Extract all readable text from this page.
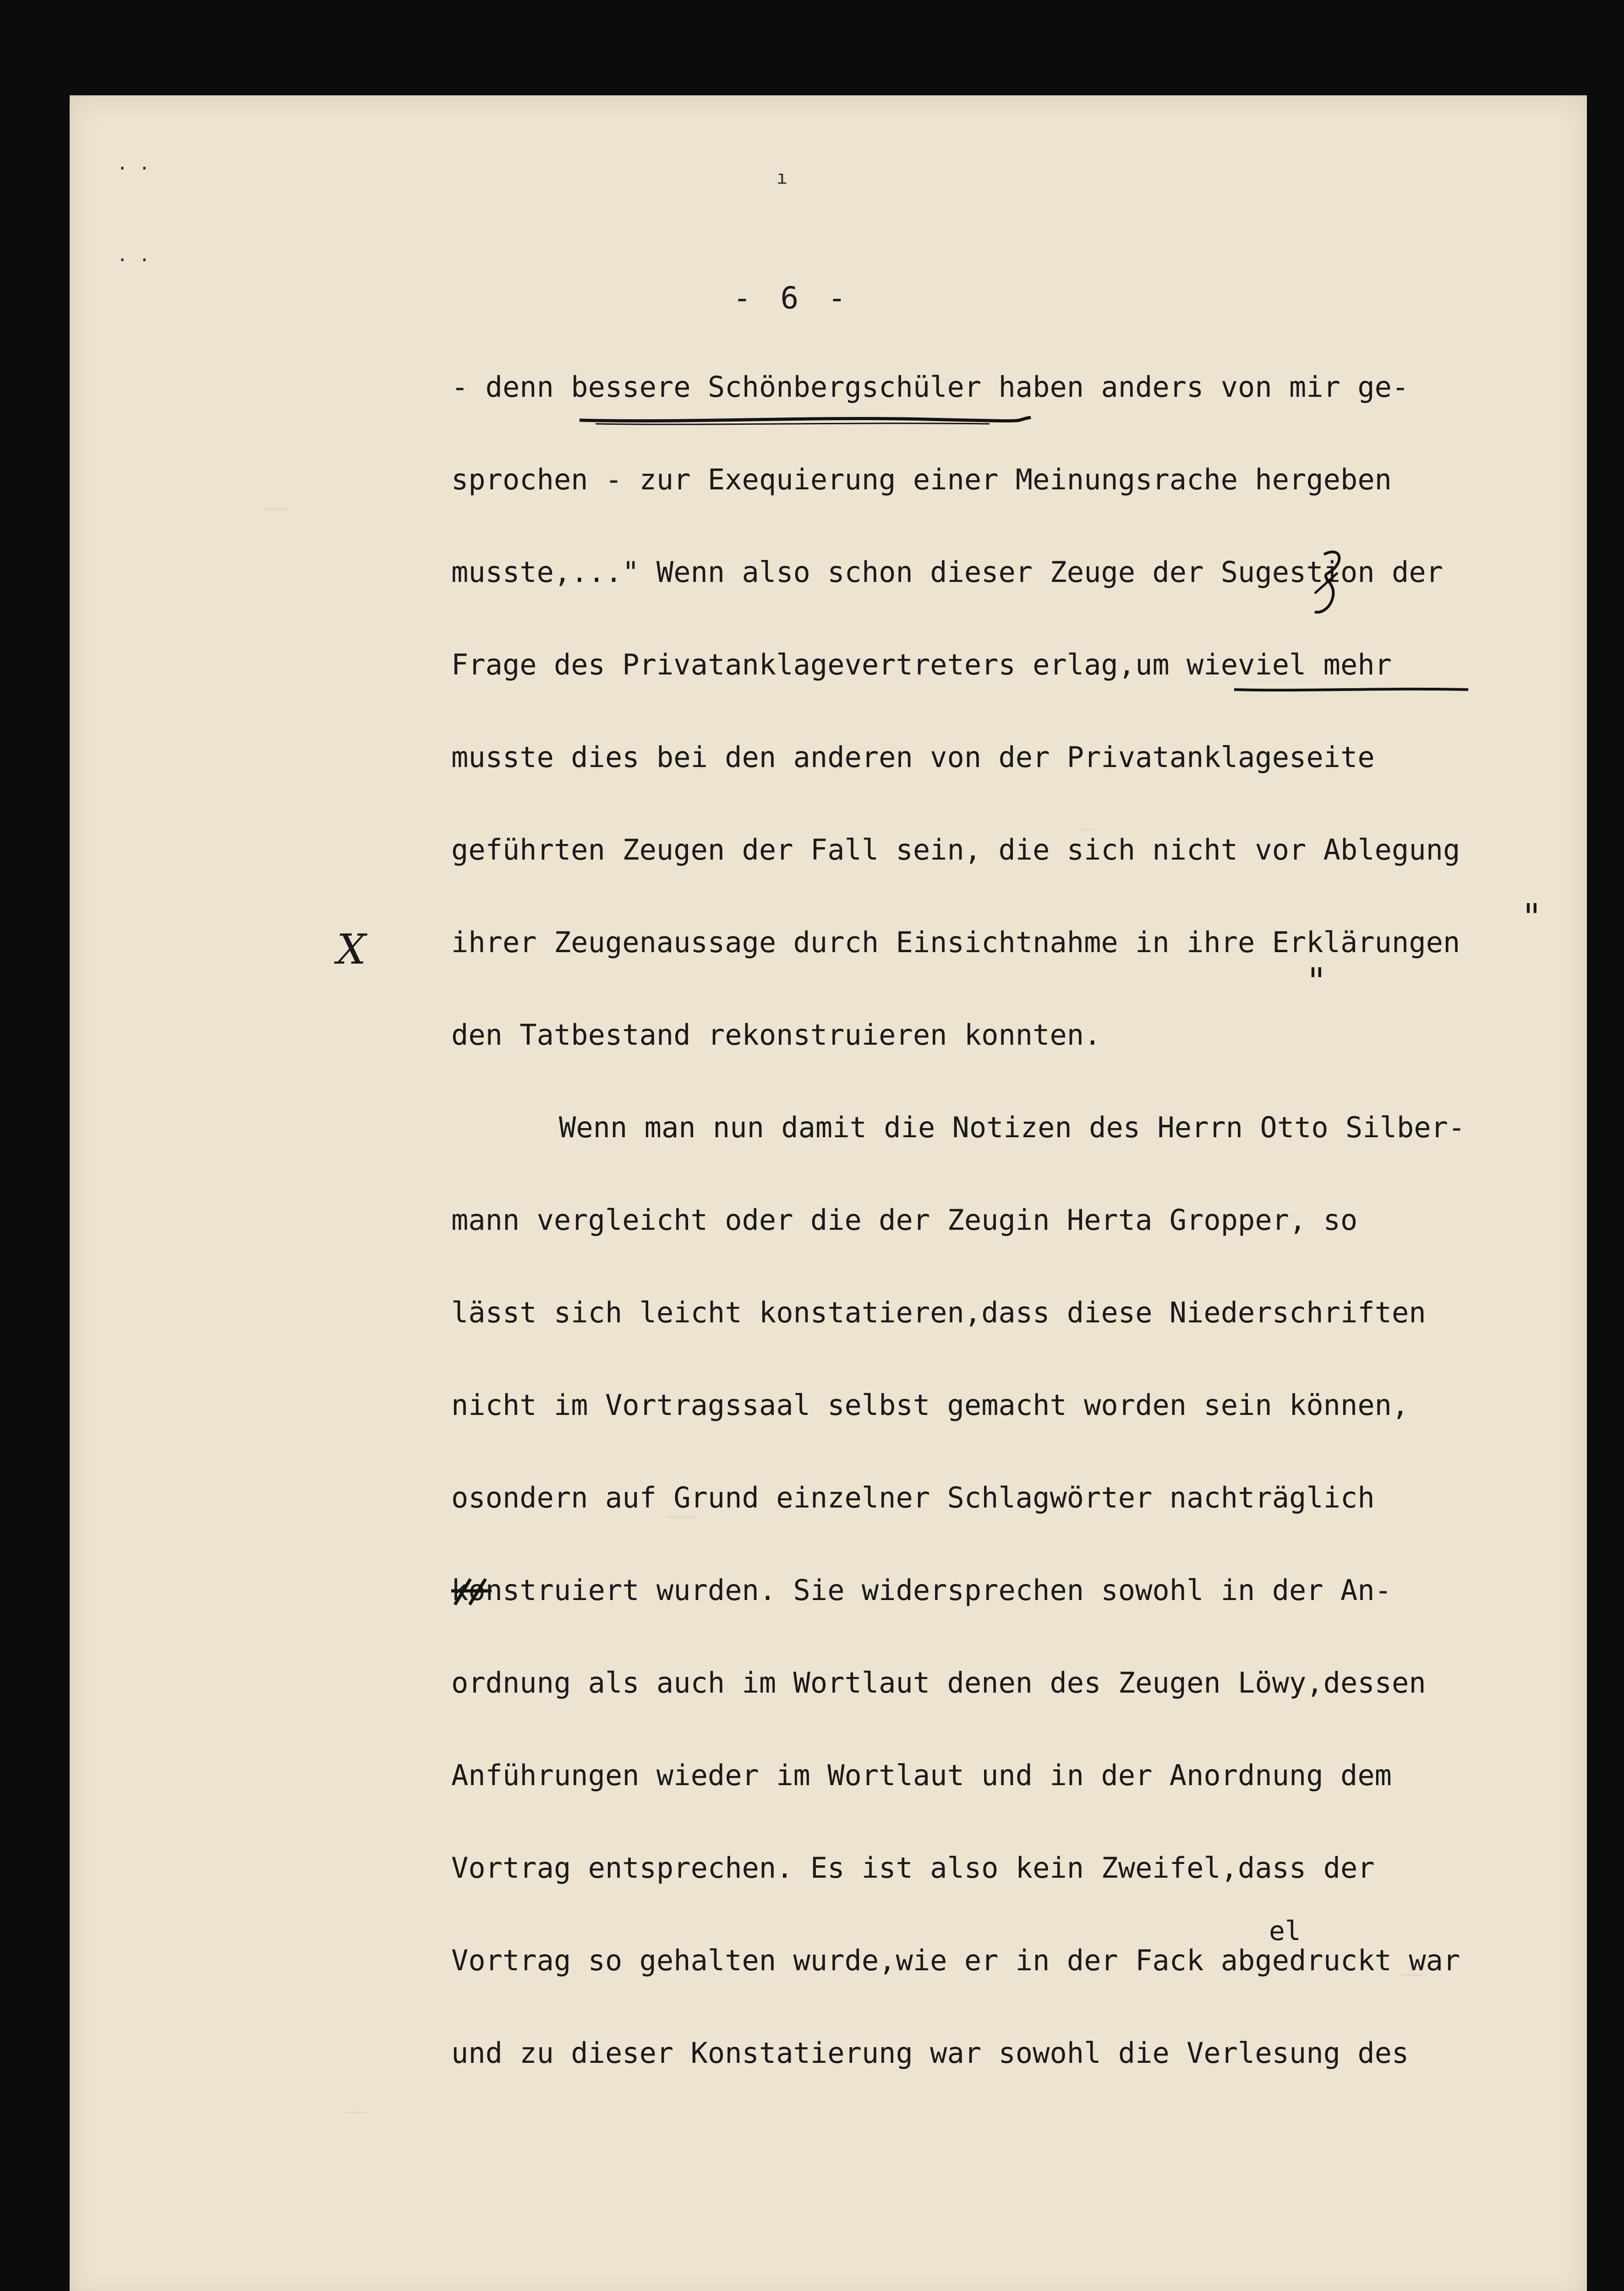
· ·
· ·
ı
- 6 -
- denn bessere Schönbergschüler haben anders von mir ge-
sprochen - zur Exequierung einer Meinungsrache hergeben
musste,..." Wenn also schon dieser Zeuge der Sugestion der
Frage des Privatanklagevertreters erlag,um wieviel mehr
musste dies bei den anderen von der Privatanklageseite
geführten Zeugen der Fall sein, die sich nicht vor Ablegung
ihrer Zeugenaussage durch Einsichtnahme in ihre Erklärungen
den Tatbestand rekonstruieren konnten.
Wenn man nun damit die Notizen des Herrn Otto Silber-
mann vergleicht oder die der Zeugin Herta Gropper, so
lässt sich leicht konstatieren,dass diese Niederschriften
nicht im Vortragssaal selbst gemacht worden sein können,
osondern auf Grund einzelner Schlagwörter nachträglich
konstruiert wurden. Sie widersprechen sowohl in der An-
ordnung als auch im Wortlaut denen des Zeugen Löwy,dessen
Anführungen wieder im Wortlaut und in der Anordnung dem
Vortrag entsprechen. Es ist also kein Zweifel,dass der
Vortrag so gehalten wurde,wie er in der Fack abgedruckt war
und zu dieser Konstatierung war sowohl die Verlesung des
X
"
"
el
